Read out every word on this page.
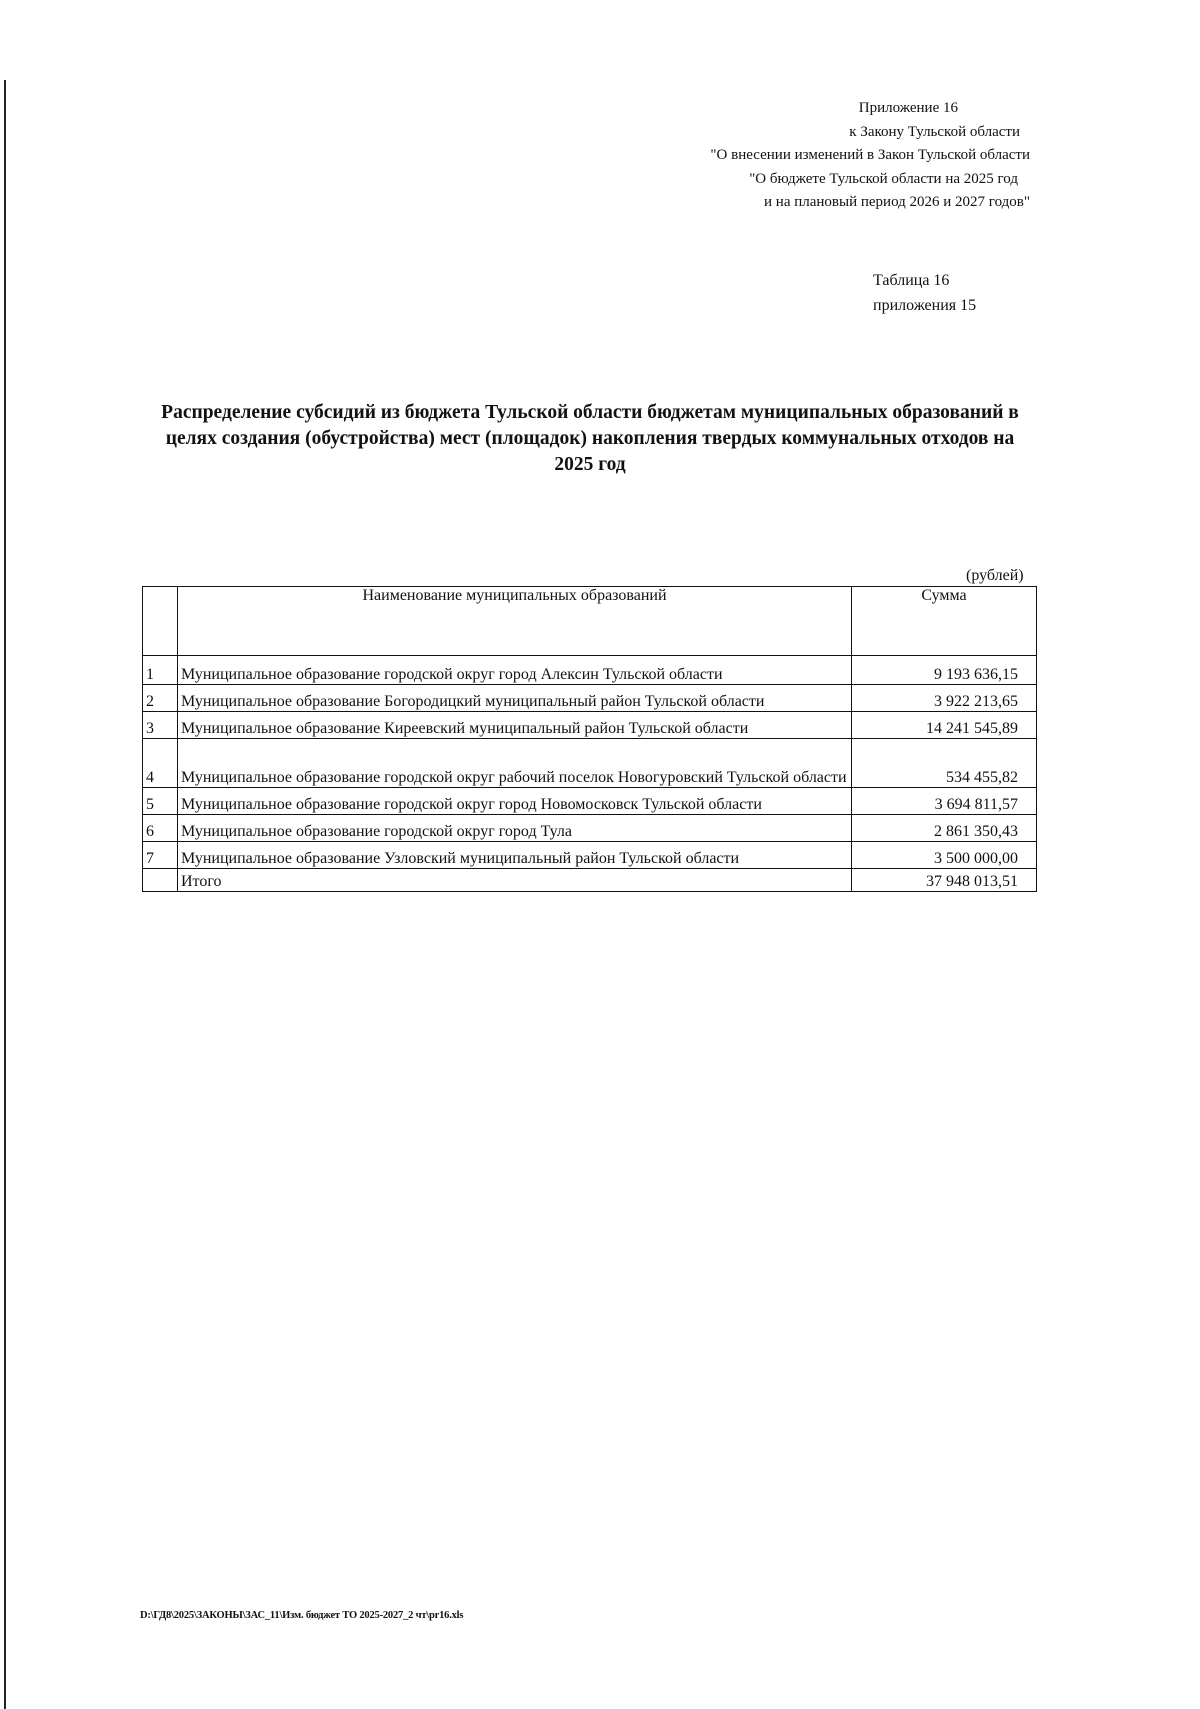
Приложение 16
к Закону Тульской области
"О внесении изменений в Закон Тульской области
"О бюджете Тульской области на 2025 год
и на плановый период 2026 и 2027 годов"
Таблица 16
приложения 15
Распределение субсидий из бюджета Тульской области бюджетам муниципальных образований в целях создания (обустройства) мест (площадок) накопления твердых коммунальных отходов на 2025 год
(рублей)
	Наименование муниципальных образований	Сумма
1	Муниципальное образование городской округ город Алексин Тульской области	9 193 636,15
2	Муниципальное образование Богородицкий муниципальный район Тульской области	3 922 213,65
3	Муниципальное образование Киреевский муниципальный район Тульской области	14 241 545,89
4	Муниципальное образование городской округ рабочий поселок Новогуровский Тульской области	534 455,82
5	Муниципальное образование городской округ город Новомосковск Тульской области	3 694 811,57
6	Муниципальное образование городской округ город Тула	2 861 350,43
7	Муниципальное образование Узловский муниципальный район Тульской области	3 500 000,00
	Итого	37 948 013,51
D:\ГД8\2025\ЗАКОНЫ\ЗАС_11\Изм. бюджет ТО 2025-2027_2 чт\pr16.xls
